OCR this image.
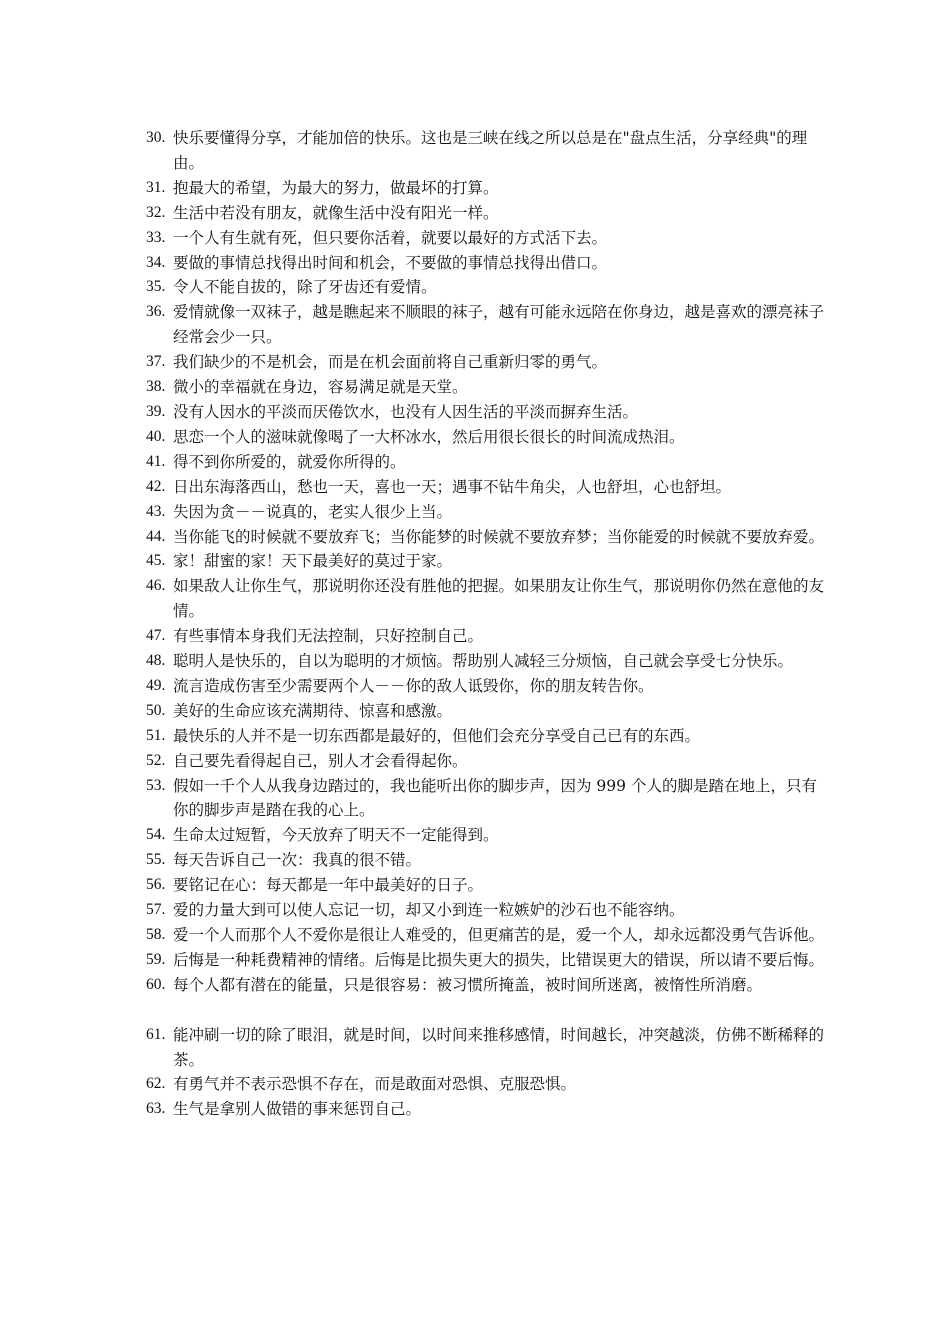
30. 快乐要懂得分享，才能加倍的快乐。这也是三峡在线之所以总是在"盘点生活，分享经典"的理由。
31. 抱最大的希望，为最大的努力，做最坏的打算。
32. 生活中若没有朋友，就像生活中没有阳光一样。
33. 一个人有生就有死，但只要你活着，就要以最好的方式活下去。
34. 要做的事情总找得出时间和机会，不要做的事情总找得出借口。
35. 令人不能自拔的，除了牙齿还有爱情。
36. 爱情就像一双袜子，越是瞧起来不顺眼的袜子，越有可能永远陪在你身边，越是喜欢的漂亮袜子经常会少一只。
37. 我们缺少的不是机会，而是在机会面前将自己重新归零的勇气。
38. 微小的幸福就在身边，容易满足就是天堂。
39. 没有人因水的平淡而厌倦饮水，也没有人因生活的平淡而摒弃生活。
40. 思恋一个人的滋味就像喝了一大杯冰水，然后用很长很长的时间流成热泪。
41. 得不到你所爱的，就爱你所得的。
42. 日出东海落西山，愁也一天，喜也一天；遇事不钻牛角尖，人也舒坦，心也舒坦。
43. 失因为贪－－说真的，老实人很少上当。
44. 当你能飞的时候就不要放弃飞；当你能梦的时候就不要放弃梦；当你能爱的时候就不要放弃爱。
45. 家！甜蜜的家！天下最美好的莫过于家。
46. 如果敌人让你生气，那说明你还没有胜他的把握。如果朋友让你生气，那说明你仍然在意他的友情。
47. 有些事情本身我们无法控制，只好控制自己。
48. 聪明人是快乐的，自以为聪明的才烦恼。帮助别人减轻三分烦恼，自己就会享受七分快乐。
49. 流言造成伤害至少需要两个人－－你的敌人诋毁你，你的朋友转告你。
50. 美好的生命应该充满期待、惊喜和感激。
51. 最快乐的人并不是一切东西都是最好的，但他们会充分享受自己已有的东西。
52. 自己要先看得起自己，别人才会看得起你。
53. 假如一千个人从我身边踏过的，我也能听出你的脚步声，因为 999 个人的脚是踏在地上，只有你的脚步声是踏在我的心上。
54. 生命太过短暂，今天放弃了明天不一定能得到。
55. 每天告诉自己一次：我真的很不错。
56. 要铭记在心：每天都是一年中最美好的日子。
57. 爱的力量大到可以使人忘记一切，却又小到连一粒嫉妒的沙石也不能容纳。
58. 爱一个人而那个人不爱你是很让人难受的，但更痛苦的是，爱一个人，却永远都没勇气告诉他。
59. 后悔是一种耗费精神的情绪。后悔是比损失更大的损失，比错误更大的错误，所以请不要后悔。
60. 每个人都有潜在的能量，只是很容易：被习惯所掩盖，被时间所迷离，被惰性所消磨。
61. 能冲刷一切的除了眼泪，就是时间，以时间来推移感情，时间越长，冲突越淡，仿佛不断稀释的茶。
62. 有勇气并不表示恐惧不存在，而是敢面对恐惧、克服恐惧。
63. 生气是拿别人做错的事来惩罚自己。
